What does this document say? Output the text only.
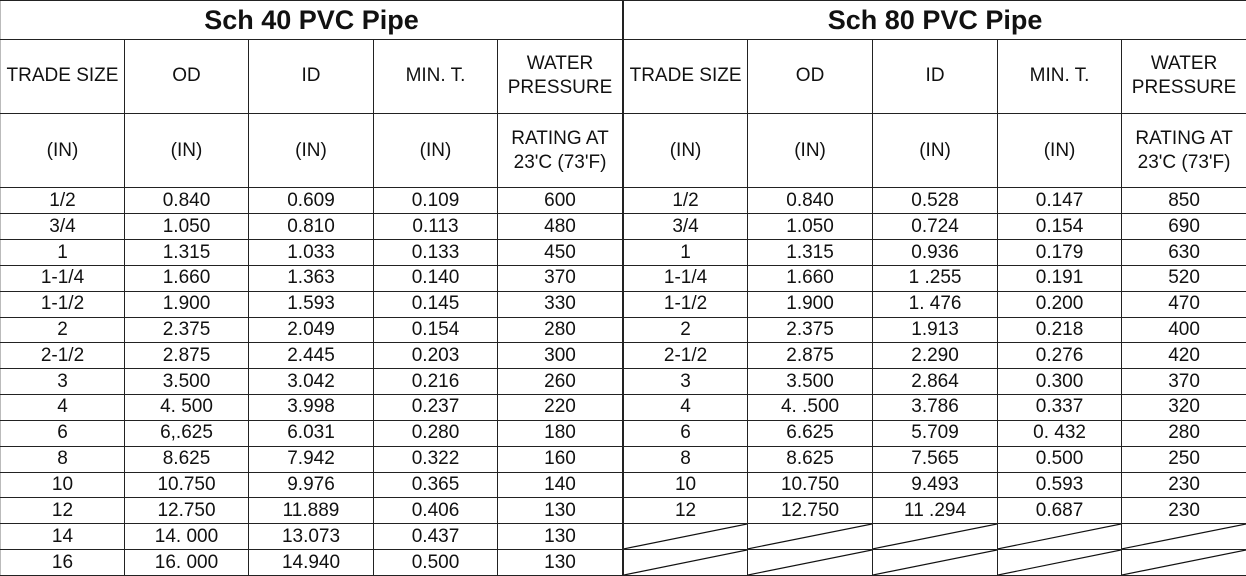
Sch 40 PVC Pipe				
TRADE SIZE	OD	ID	MIN. T.	WATER PRESSURE
(IN)	(IN)	(IN)	(IN)	RATING AT 23'C (73'F)
1/2	0.840	0.609	0.109	600
3/4	1.050	0.810	0.113	480
1	1.315	1.033	0.133	450
1-1/4	1.660	1.363	0.140	370
1-1/2	1.900	1.593	0.145	330
2	2.375	2.049	0.154	280
2-1/2	2.875	2.445	0.203	300
3	3.500	3.042	0.216	260
4	4. 500	3.998	0.237	220
6	6,.625	6.031	0.280	180
8	8.625	7.942	0.322	160
10	10.750	9.976	0.365	140
12	12.750	11.889	0.406	130
14	14. 000	13.073	0.437	130
16	16. 000	14.940	0.500	130
Sch 80 PVC Pipe				
TRADE SIZE	OD	ID	MIN. T.	WATER PRESSURE
(IN)	(IN)	(IN)	(IN)	RATING AT 23'C (73'F)
1/2	0.840	0.528	0.147	850
3/4	1.050	0.724	0.154	690
1	1.315	0.936	0.179	630
1-1/4	1.660	1 .255	0.191	520
1-1/2	1.900	1. 476	0.200	470
2	2.375	1.913	0.218	400
2-1/2	2.875	2.290	0.276	420
3	3.500	2.864	0.300	370
4	4. .500	3.786	0.337	320
6	6.625	5.709	0. 432	280
8	8.625	7.565	0.500	250
10	10.750	9.493	0.593	230
12	12.750	11 .294	0.687	230
